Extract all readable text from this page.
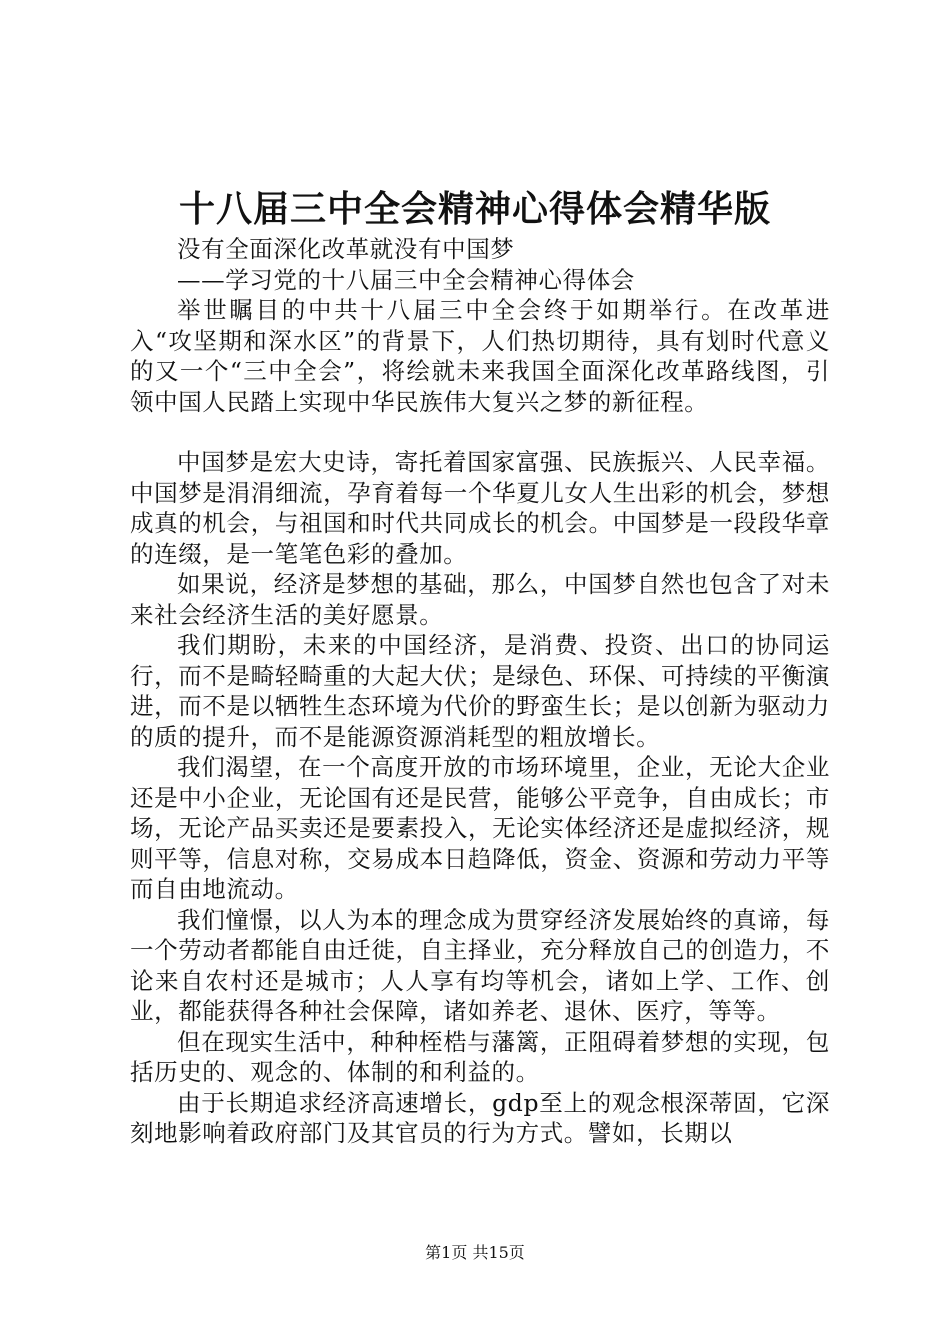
十八届三中全会精神心得体会精华版

没有全面深化改革就没有中国梦

——学习党的十八届三中全会精神心得体会

举世瞩目的中共十八届三中全会终于如期举行。在改革进入“攻坚期和深水区”的背景下，人们热切期待，具有划时代意义的又一个“三中全会”，将绘就未来我国全面深化改革路线图，引领中国人民踏上实现中华民族伟大复兴之梦的新征程。

中国梦是宏大史诗，寄托着国家富强、民族振兴、人民幸福。中国梦是涓涓细流，孕育着每一个华夏儿女人生出彩的机会，梦想成真的机会，与祖国和时代共同成长的机会。中国梦是一段段华章的连缀，是一笔笔色彩的叠加。

如果说，经济是梦想的基础，那么，中国梦自然也包含了对未来社会经济生活的美好愿景。

我们期盼，未来的中国经济，是消费、投资、出口的协同运行，而不是畸轻畸重的大起大伏；是绿色、环保、可持续的平衡演进，而不是以牺牲生态环境为代价的野蛮生长；是以创新为驱动力的质的提升，而不是能源资源消耗型的粗放增长。

我们渴望，在一个高度开放的市场环境里，企业，无论大企业还是中小企业，无论国有还是民营，能够公平竞争，自由成长；市场，无论产品买卖还是要素投入，无论实体经济还是虚拟经济，规则平等，信息对称，交易成本日趋降低，资金、资源和劳动力平等而自由地流动。

我们憧憬，以人为本的理念成为贯穿经济发展始终的真谛，每一个劳动者都能自由迁徙，自主择业，充分释放自己的创造力，不论来自农村还是城市；人人享有均等机会，诸如上学、工作、创业，都能获得各种社会保障，诸如养老、退休、医疗，等等。

但在现实生活中，种种桎梏与藩篱，正阻碍着梦想的实现，包括历史的、观念的、体制的和利益的。

由于长期追求经济高速增长，gdp至上的观念根深蒂固，它深刻地影响着政府部门及其官员的行为方式。譬如，长期以

第1页 共15页
